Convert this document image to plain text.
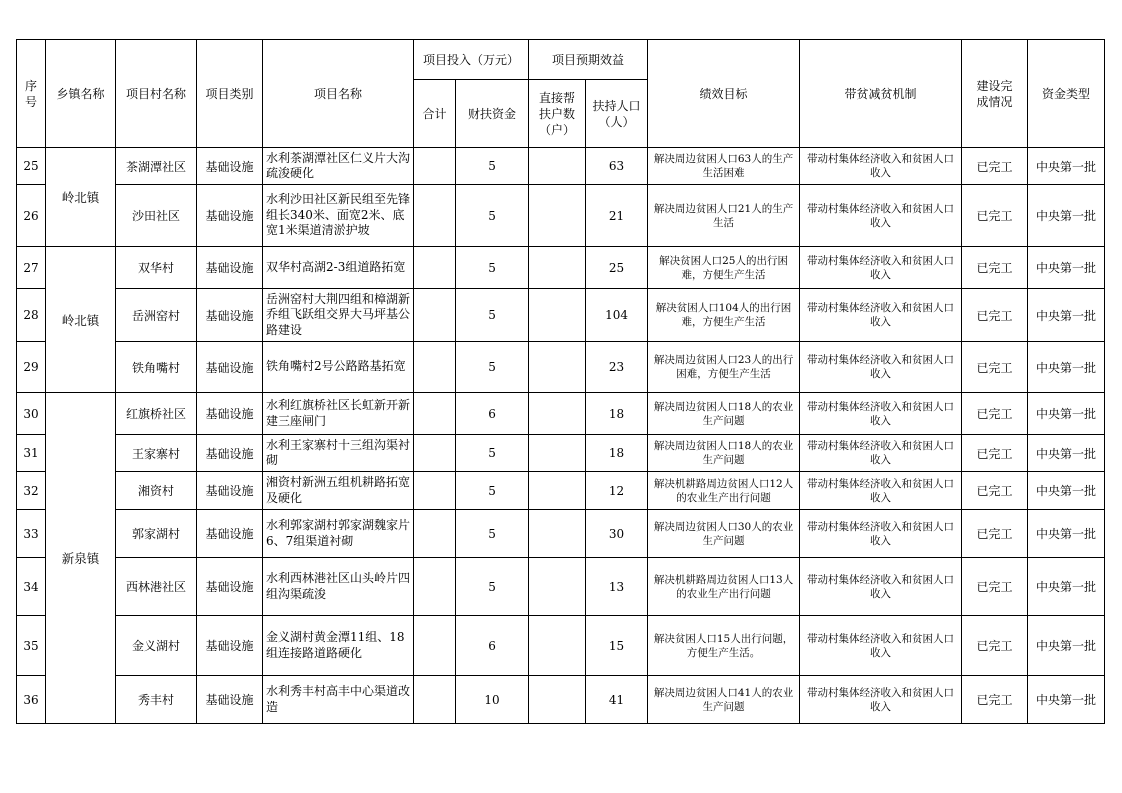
序号	乡镇名称	项目村名称	项目类别	项目名称	项目投入（万元）		项目预期效益		绩效目标	带贫减贫机制	建设完成情况	资金类型
					合计	财扶资金	直接帮扶户数（户）	扶持人口（人）				
25	岭北镇	茶湖潭社区	基础设施	水利茶湖潭社区仁义片大沟疏浚硬化		5		63	解决周边贫困人口63人的生产生活困难	带动村集体经济收入和贫困人口收入	已完工	中央第一批
26		沙田社区	基础设施	水利沙田社区新民组至先锋组长340米、面宽2米、底宽1米渠道清淤护坡		5		21	解决周边贫困人口21人的生产生活	带动村集体经济收入和贫困人口收入	已完工	中央第一批
27	岭北镇	双华村	基础设施	双华村高湖2-3组道路拓宽		5		25	解决贫困人口25人的出行困难，方便生产生活	带动村集体经济收入和贫困人口收入	已完工	中央第一批
28		岳洲窑村	基础设施	岳洲窑村大荆四组和樟湖新乔组飞跃组交界大马坪基公路建设		5		104	解决贫困人口104人的出行困难，方便生产生活	带动村集体经济收入和贫困人口收入	已完工	中央第一批
29		铁角嘴村	基础设施	铁角嘴村2号公路路基拓宽		5		23	解决周边贫困人口23人的出行困难，方便生产生活	带动村集体经济收入和贫困人口收入	已完工	中央第一批
30	新泉镇	红旗桥社区	基础设施	水利红旗桥社区长虹新开新建三座闸门		6		18	解决周边贫困人口18人的农业生产问题	带动村集体经济收入和贫困人口收入	已完工	中央第一批
31		王家寨村	基础设施	水利王家寨村十三组沟渠衬砌		5		18	解决周边贫困人口18人的农业生产问题	带动村集体经济收入和贫困人口收入	已完工	中央第一批
32		湘资村	基础设施	湘资村新洲五组机耕路拓宽及硬化		5		12	解决机耕路周边贫困人口12人的农业生产出行问题	带动村集体经济收入和贫困人口收入	已完工	中央第一批
33		郭家湖村	基础设施	水利郭家湖村郭家湖魏家片6、7组渠道衬砌		5		30	解决周边贫困人口30人的农业生产问题	带动村集体经济收入和贫困人口收入	已完工	中央第一批
34		西林港社区	基础设施	水利西林港社区山头岭片四组沟渠疏浚		5		13	解决机耕路周边贫困人口13人的农业生产出行问题	带动村集体经济收入和贫困人口收入	已完工	中央第一批
35		金义湖村	基础设施	金义湖村黄金潭11组、18组连接路道路硬化		6		15	解决贫困人口15人出行问题，方便生产生活。	带动村集体经济收入和贫困人口收入	已完工	中央第一批
36		秀丰村	基础设施	水利秀丰村高丰中心渠道改造		10		41	解决周边贫困人口41人的农业生产问题	带动村集体经济收入和贫困人口收入	已完工	中央第一批
